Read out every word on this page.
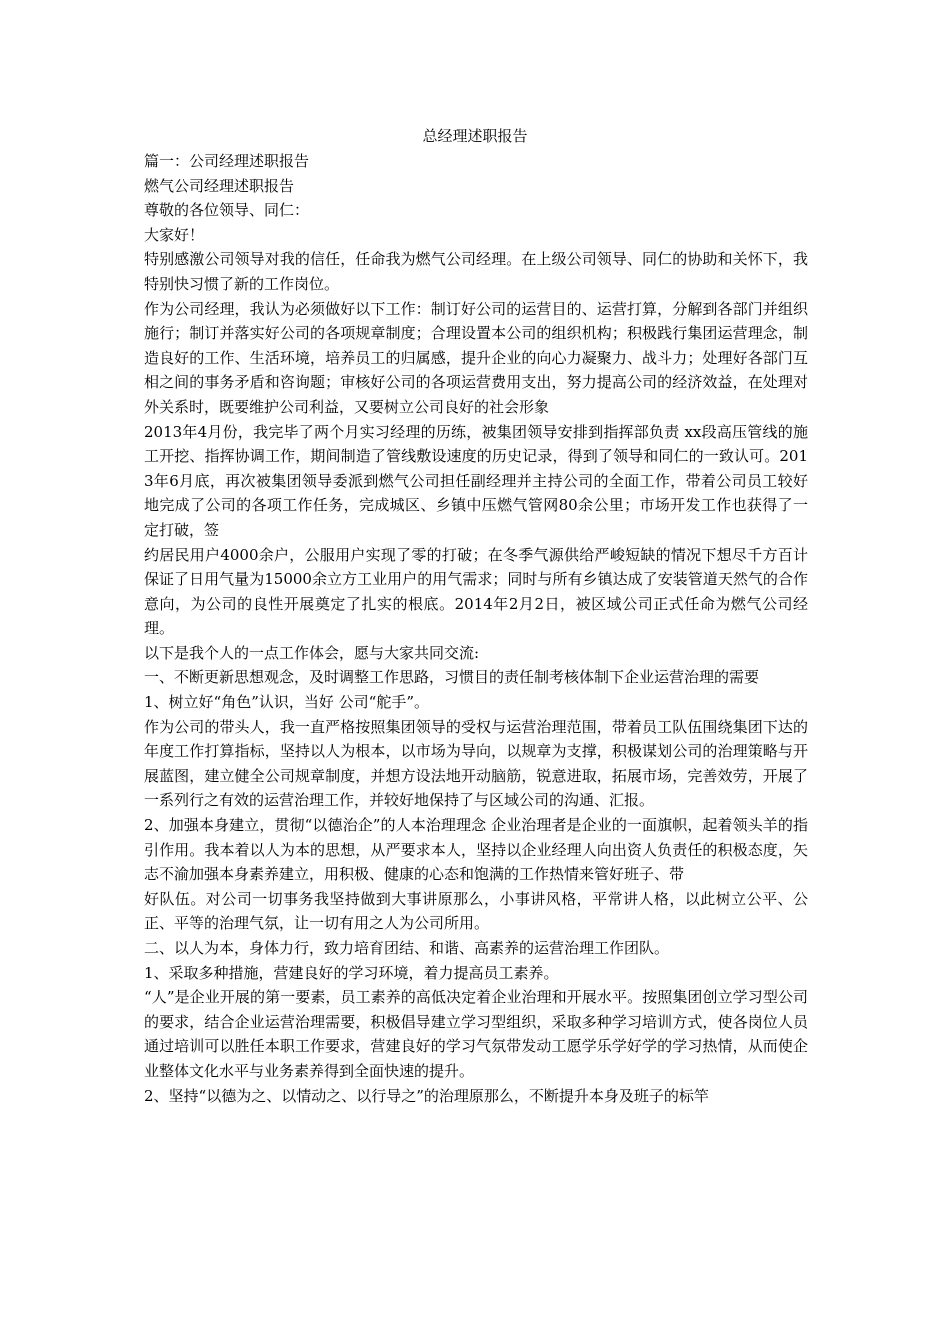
总经理述职报告

篇一：公司经理述职报告

燃气公司经理述职报告

尊敬的各位领导、同仁：

大家好！

特别感激公司领导对我的信任，任命我为燃气公司经理。在上级公司领导、同仁的协助和关怀下，我特别快习惯了新的工作岗位。

作为公司经理，我认为必须做好以下工作：制订好公司的运营目的、运营打算，分解到各部门并组织施行；制订并落实好公司的各项规章制度；合理设置本公司的组织机构；积极践行集团运营理念，制造良好的工作、生活环境，培养员工的归属感，提升企业的向心力凝聚力、战斗力；处理好各部门互相之间的事务矛盾和咨询题；审核好公司的各项运营费用支出，努力提高公司的经济效益，在处理对外关系时，既要维护公司利益，又要树立公司良好的社会形象

2013年4月份，我完毕了两个月实习经理的历练，被集团领导安排到指挥部负责 xx段高压管线的施工开挖、指挥协调工作，期间制造了管线敷设速度的历史记录，得到了领导和同仁的一致认可。2013年6月底，再次被集团领导委派到燃气公司担任副经理并主持公司的全面工作，带着公司员工较好地完成了公司的各项工作任务，完成城区、乡镇中压燃气管网80余公里；市场开发工作也获得了一定打破，签

约居民用户4000余户，公服用户实现了零的打破；在冬季气源供给严峻短缺的情况下想尽千方百计保证了日用气量为15000余立方工业用户的用气需求；同时与所有乡镇达成了安装管道天然气的合作意向，为公司的良性开展奠定了扎实的根底。2014年2月2日，被区域公司正式任命为燃气公司经理。

以下是我个人的一点工作体会，愿与大家共同交流:

一、不断更新思想观念，及时调整工作思路，习惯目的责任制考核体制下企业运营治理的需要

1、树立好“角色”认识，当好 公司“舵手”。

作为公司的带头人，我一直严格按照集团领导的受权与运营治理范围，带着员工队伍围绕集团下达的年度工作打算指标，坚持以人为根本，以市场为导向，以规章为支撑，积极谋划公司的治理策略与开展蓝图，建立健全公司规章制度，并想方设法地开动脑筋，锐意进取，拓展市场，完善效劳，开展了一系列行之有效的运营治理工作，并较好地保持了与区域公司的沟通、汇报。

2、加强本身建立，贯彻“以德治企”的人本治理理念 企业治理者是企业的一面旗帜，起着领头羊的指引作用。我本着以人为本的思想，从严要求本人，坚持以企业经理人向出资人负责任的积极态度，矢志不渝加强本身素养建立，用积极、健康的心态和饱满的工作热情来管好班子、带

好队伍。对公司一切事务我坚持做到大事讲原那么，小事讲风格，平常讲人格，以此树立公平、公正、平等的治理气氛，让一切有用之人为公司所用。

二、以人为本，身体力行，致力培育团结、和谐、高素养的运营治理工作团队。

1、采取多种措施，营建良好的学习环境，着力提高员工素养。

“人”是企业开展的第一要素，员工素养的高低决定着企业治理和开展水平。按照集团创立学习型公司的要求，结合企业运营治理需要，积极倡导建立学习型组织，采取多种学习培训方式，使各岗位人员通过培训可以胜任本职工作要求，营建良好的学习气氛带发动工愿学乐学好学的学习热情，从而使企业整体文化水平与业务素养得到全面快速的提升。

2、坚持“以德为之、以情动之、以行导之”的治理原那么，不断提升本身及班子的标竿
